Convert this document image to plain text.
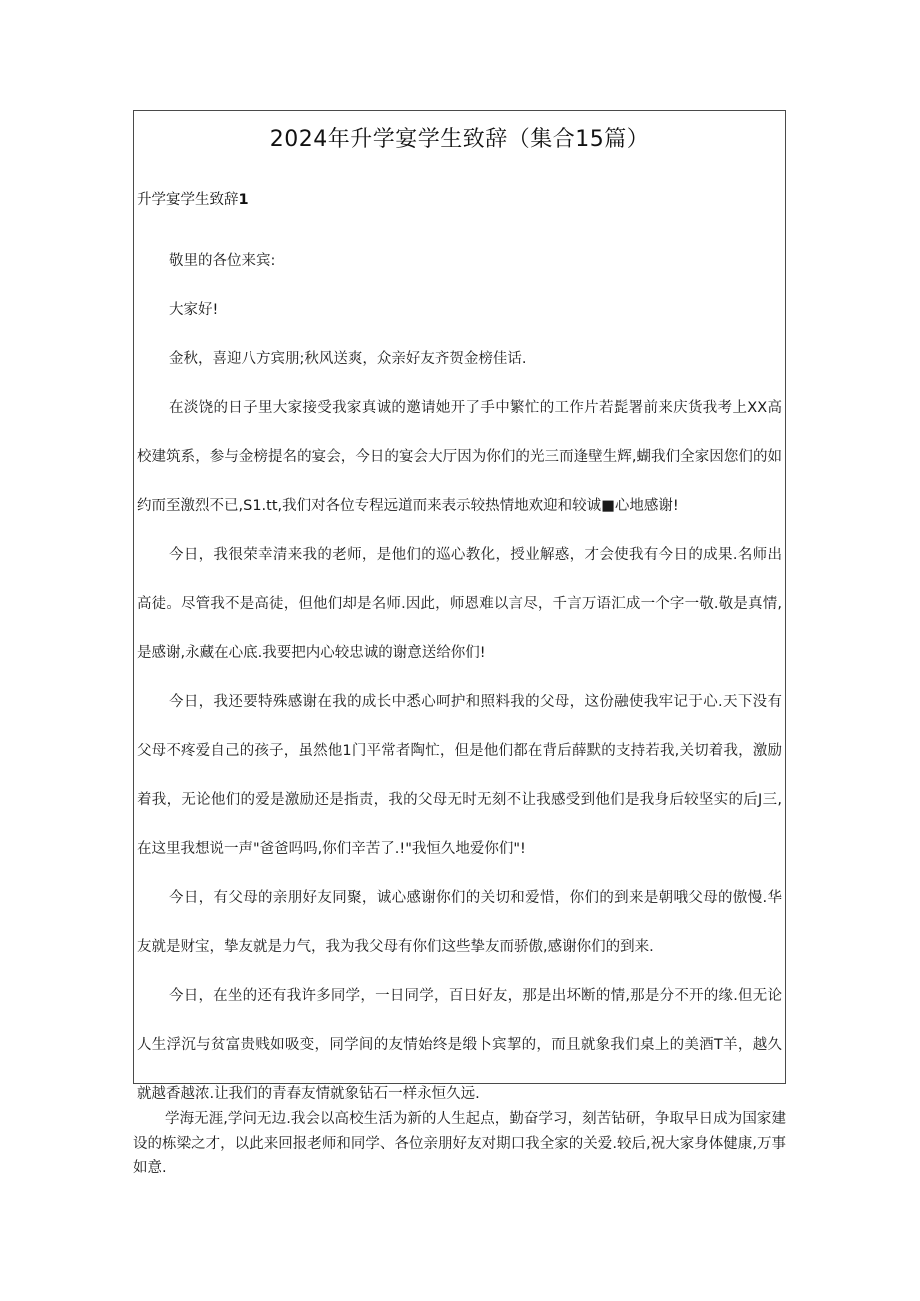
2024年升学宴学生致辞（集合15篇）
升学宴学生致辞1

敬里的各位来宾:

大家好!

金秋，喜迎八方宾朋;秋风送爽，众亲好友齐贺金榜佳话.

在淡饶的日子里大家接受我家真诚的邀请她开了手中繁忙的工作片若髭署前来庆货我考上XX高校建筑系，参与金榜提名的宴会，今日的宴会大厅因为你们的光三而逢壁生辉,蝴我们全家因您们的如约而至激烈不已,S1.tt,我们对各位专程远道而来表示较热情地欢迎和较诚■心地感谢!

今日，我很荣幸清来我的老师，是他们的巡心教化，授业解惑，才会使我有今日的成果.名师出高徒。尽管我不是高徒，但他们却是名师.因此，师恩难以言尽，千言万语汇成一个字一敬.敬是真情,是感谢,永藏在心底.我要把内心较忠诚的谢意送给你们!

今日，我还要特殊感谢在我的成长中悉心呵护和照料我的父母，这份融使我牢记于心.天下没有父母不疼爱自己的孩子，虽然他1门平常者陶忙，但是他们都在背后薛默的支持若我,关切着我，激励着我，无论他们的爱是激励还是指责，我的父母无时无刻不让我感受到他们是我身后较坚实的后J三,在这里我想说一声"爸爸吗吗,你们辛苦了.!"我恒久地爱你们"!

今日，有父母的亲朋好友同聚，诚心感谢你们的关切和爱惜，你们的到来是朝哦父母的傲慢.华友就是财宝，挚友就是力气，我为我父母有你们这些挚友而骄傲,感谢你们的到来.

今日，在坐的还有我许多同学，一日同学，百日好友，那是出坏断的情,那是分不开的缘.但无论人生浮沉与贫富贵贱如吸变，同学间的友情始终是缎卜宾挈的，而且就象我们桌上的美酒T羊，越久就越香越浓.让我们的青春友情就象钻石一样永恒久远.

学海无涯,学问无边.我会以高校生活为新的人生起点，勤奋学习，刻苦钻研，争取早日成为国家建设的栋梁之才，以此来回报老师和同学、各位亲朋好友对期口我全家的关爱.较后,祝大家身体健康,万事如意.
